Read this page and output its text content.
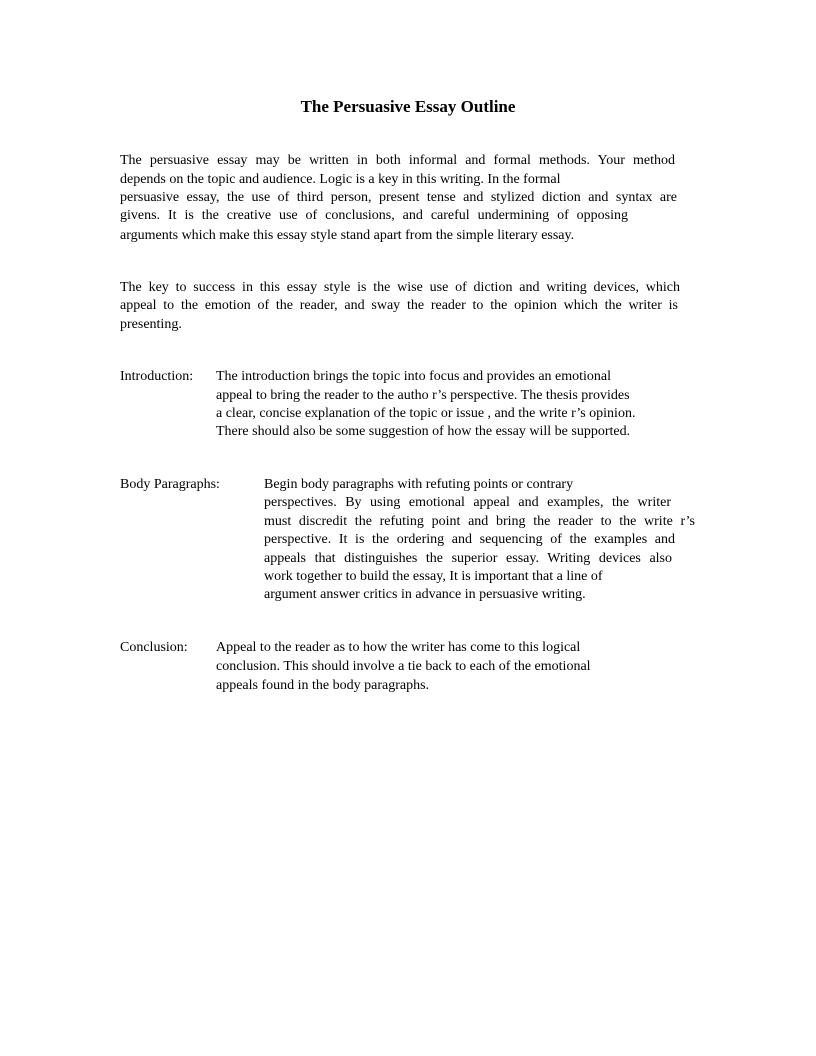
The Persuasive Essay Outline
The persuasive essay may be written in both informal and formal methods. Your method
depends on the topic and audience. Logic is a key in this writing. In the formal
persuasive essay, the use of third person, present tense and stylized diction and syntax are
givens. It is the creative use of conclusions, and careful undermining of opposing
arguments which make this essay style stand apart from the simple literary essay.
The key to success in this essay style is the wise use of diction and writing devices, which
appeal to the emotion of the reader, and sway the reader to the opinion which the writer is
presenting.
Introduction: The introduction brings the topic into focus and provides an emotional
appeal to bring the reader to the autho r’s perspective. The thesis provides
a clear, concise explanation of the topic or issue , and the write r’s opinion.
There should also be some suggestion of how the essay will be supported.
Body Paragraphs:	Begin body paragraphs with refuting points or contrary
perspectives. By using emotional appeal and examples, the writer
must discredit the refuting point and bring the reader to the write r’s
perspective. It is the ordering and sequencing of the examples and
appeals that distinguishes the superior essay. Writing devices also
work together to build the essay, It is important that a line of
argument answer critics in advance in persuasive writing.
Conclusion: Appeal to the reader as to how the writer has come to this logical
conclusion. This should involve a tie back to each of the emotional
appeals found in the body paragraphs.
